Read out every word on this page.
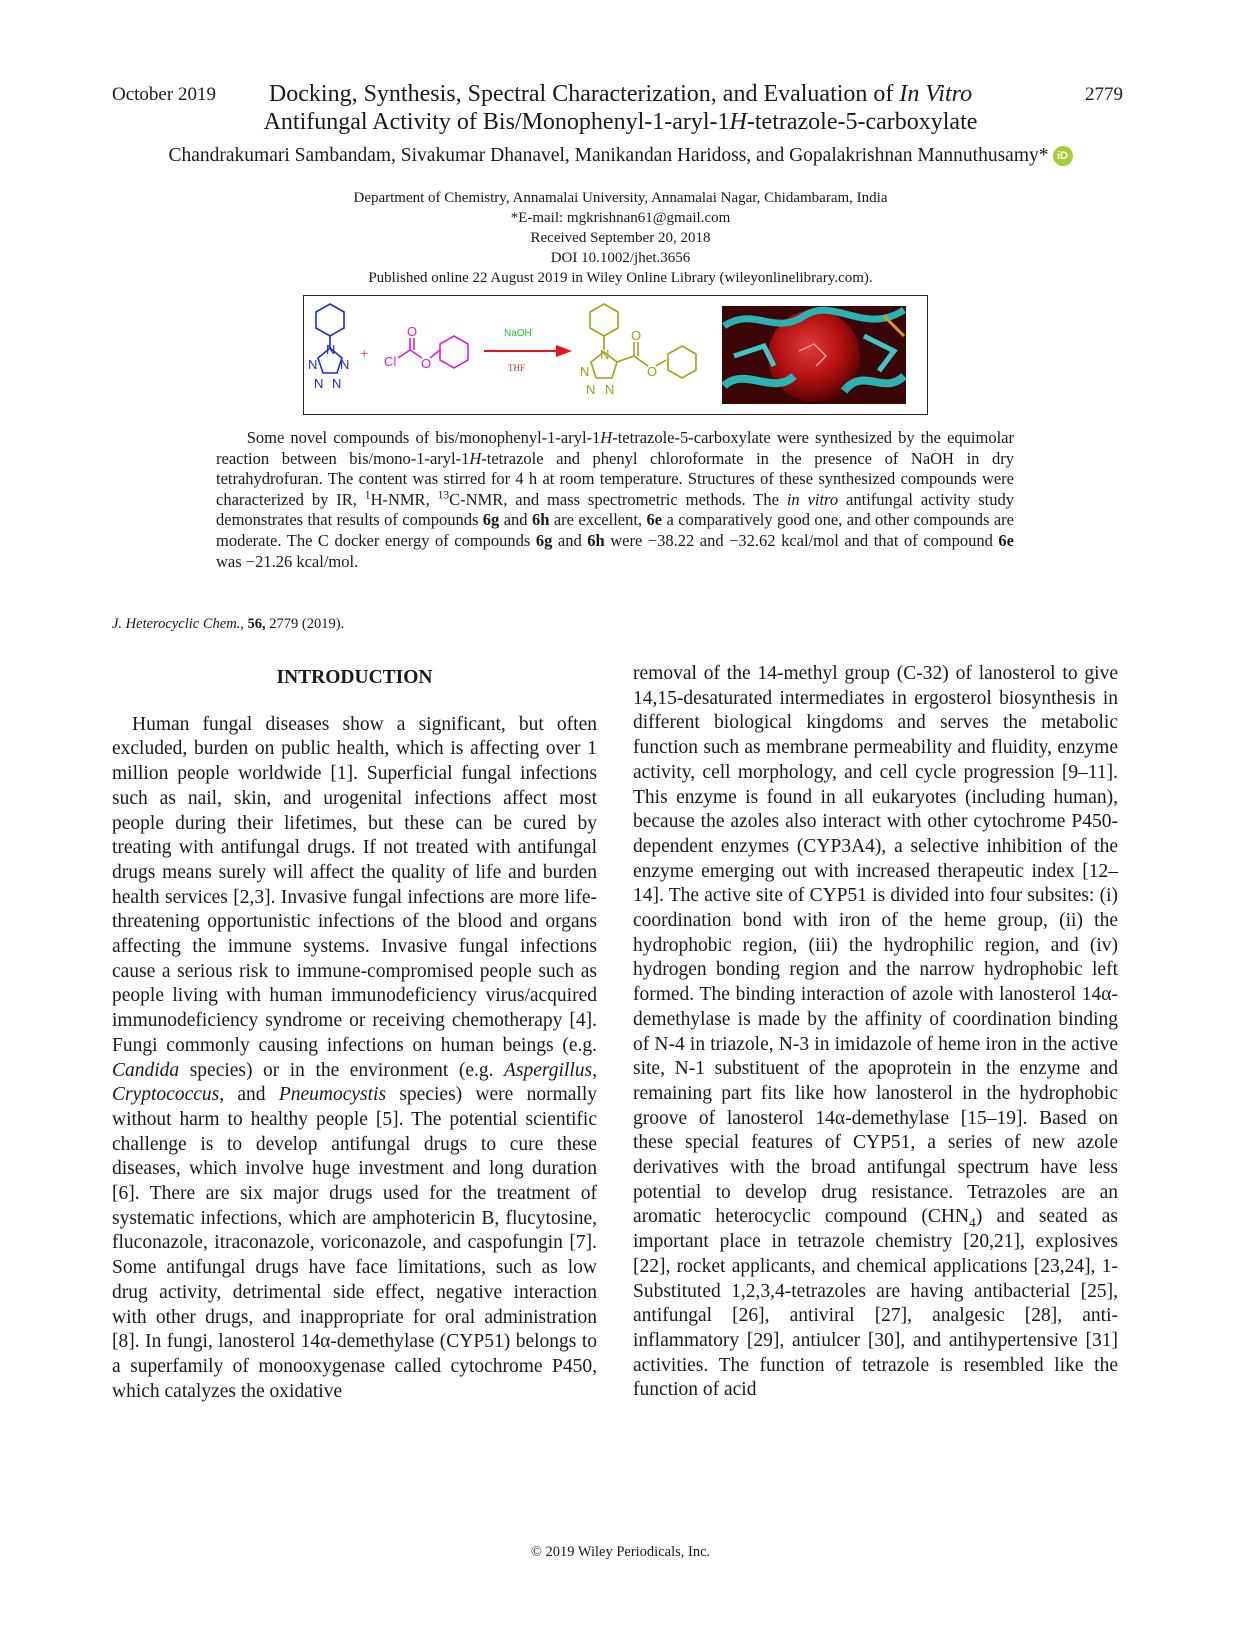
October 2019	2779
Docking, Synthesis, Spectral Characterization, and Evaluation of In Vitro
Antifungal Activity of Bis/Monophenyl-1-aryl-1H-tetrazole-5-carboxylate
Chandrakumari Sambandam, Sivakumar Dhanavel, Manikandan Haridoss, and Gopalakrishnan Mannuthusamy* iD
Department of Chemistry, Annamalai University, Annamalai Nagar, Chidambaram, India
*E-mail: mgkrishnan61@gmail.com
Received September 20, 2018
DOI 10.1002/jhet.3656
Published online 22 August 2019 in Wiley Online Library (wileyonlinelibrary.com).
N
N N
N N
+ Cl
O
O
NaOH
THF
N
N
N N
O
O
Some novel compounds of bis/monophenyl-1-aryl-1H-tetrazole-5-carboxylate were synthesized by the equimolar reaction between bis/mono-1-aryl-1H-tetrazole and phenyl chloroformate in the presence of NaOH in dry tetrahydrofuran. The content was stirred for 4 h at room temperature. Structures of these synthesized compounds were characterized by IR, $^1$H-NMR, $^{13}$C-NMR, and mass spectrometric methods. The in vitro antifungal activity study demonstrates that results of compounds 6g and 6h are excellent, 6e a comparatively good one, and other compounds are moderate. The C docker energy of compounds 6g and 6h were −38.22 and −32.62 kcal/mol and that of compound 6e was −21.26 kcal/mol.
J. Heterocyclic Chem., 56, 2779 (2019).
INTRODUCTION

Human fungal diseases show a significant, but often excluded, burden on public health, which is affecting over 1 million people worldwide [1]. Superficial fungal infections such as nail, skin, and urogenital infections affect most people during their lifetimes, but these can be cured by treating with antifungal drugs. If not treated with antifungal drugs means surely will affect the quality of life and burden health services [2,3]. Invasive fungal infections are more life-threatening opportunistic infections of the blood and organs affecting the immune systems. Invasive fungal infections cause a serious risk to immune-compromised people such as people living with human immunodeficiency virus/acquired immunodeficiency syndrome or receiving chemotherapy [4]. Fungi commonly causing infections on human beings (e.g. Candida species) or in the environment (e.g. Aspergillus, Cryptococcus, and Pneumocystis species) were normally without harm to healthy people [5]. The potential scientific challenge is to develop antifungal drugs to cure these diseases, which involve huge investment and long duration [6]. There are six major drugs used for the treatment of systematic infections, which are amphotericin B, flucytosine, fluconazole, itraconazole, voriconazole, and caspofungin [7]. Some antifungal drugs have face limitations, such as low drug activity, detrimental side effect, negative interaction with other drugs, and inappropriate for oral administration [8]. In fungi, lanosterol 14α-demethylase (CYP51) belongs to a superfamily of monooxygenase called cytochrome P450, which catalyzes the oxidative

removal of the 14-methyl group (C-32) of lanosterol to give 14,15-desaturated intermediates in ergosterol biosynthesis in different biological kingdoms and serves the metabolic function such as membrane permeability and fluidity, enzyme activity, cell morphology, and cell cycle progression [9–11]. This enzyme is found in all eukaryotes (including human), because the azoles also interact with other cytochrome P450-dependent enzymes (CYP3A4), a selective inhibition of the enzyme emerging out with increased therapeutic index [12–14]. The active site of CYP51 is divided into four subsites: (i) coordination bond with iron of the heme group, (ii) the hydrophobic region, (iii) the hydrophilic region, and (iv) hydrogen bonding region and the narrow hydrophobic left formed. The binding interaction of azole with lanosterol 14α-demethylase is made by the affinity of coordination binding of N-4 in triazole, N-3 in imidazole of heme iron in the active site, N-1 substituent of the apoprotein in the enzyme and remaining part fits like how lanosterol in the hydrophobic groove of lanosterol 14α-demethylase [15–19]. Based on these special features of CYP51, a series of new azole derivatives with the broad antifungal spectrum have less potential to develop drug resistance. Tetrazoles are an aromatic heterocyclic compound $(CHN_4)$ and seated as important place in tetrazole chemistry [20,21], explosives [22], rocket applicants, and chemical applications [23,24], 1-Substituted 1,2,3,4-tetrazoles are having antibacterial [25], antifungal [26], antiviral [27], analgesic [28], anti-inflammatory [29], antiulcer [30], and antihypertensive [31] activities. The function of tetrazole is resembled like the function of acid

© 2019 Wiley Periodicals, Inc.
